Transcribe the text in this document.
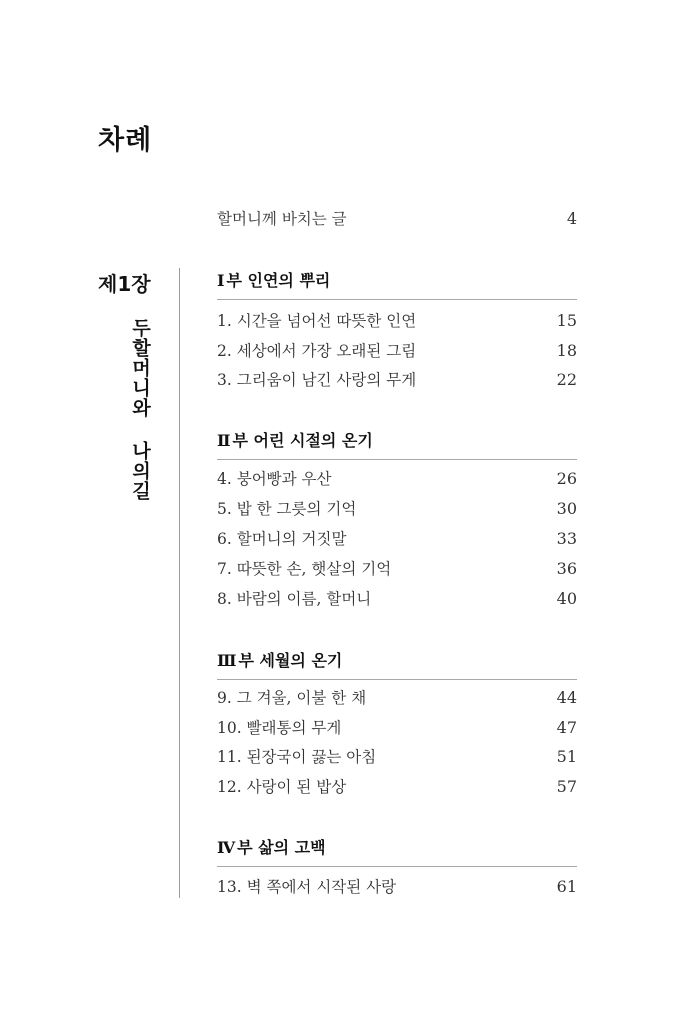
차례
할머니께 바치는 글	4
제1장
두할머니와 나의길
Ⅰ 부 인연의 뿌리
1. 시간을 넘어선 따뜻한 인연	15
2. 세상에서 가장 오래된 그림	18
3. 그리움이 남긴 사랑의 무게	22
Ⅱ 부 어린 시절의 온기
4. 붕어빵과 우산	26
5. 밥 한 그릇의 기억	30
6. 할머니의 거짓말	33
7. 따뜻한 손, 햇살의 기억	36
8. 바람의 이름, 할머니	40
Ⅲ 부 세월의 온기
9. 그 겨울, 이불 한 채	44
10. 빨래통의 무게	47
11. 된장국이 끓는 아침	51
12. 사랑이 된 밥상	57
Ⅳ 부 삶의 고백
13. 벽 쪽에서 시작된 사랑	61
